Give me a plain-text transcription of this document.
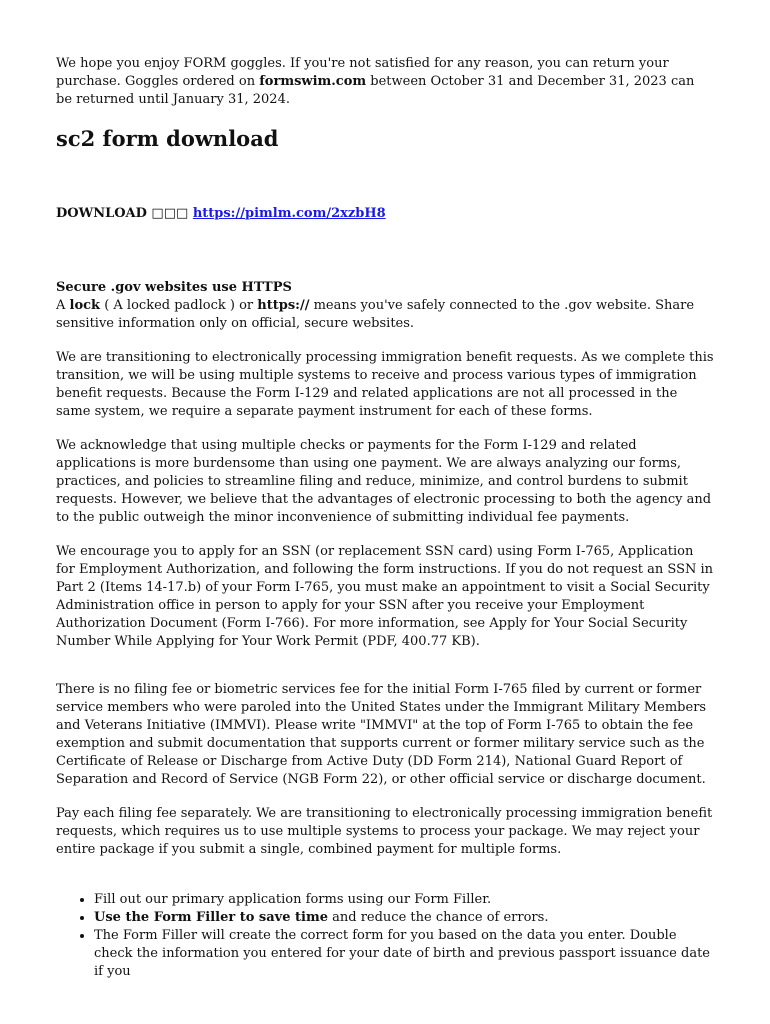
We hope you enjoy FORM goggles. If you're not satisfied for any reason, you can return your purchase. Goggles ordered on formswim.com between October 31 and December 31, 2023 can be returned until January 31, 2024.

sc2 form download

DOWNLOAD □□□ https://pimlm.com/2xzbH8

Secure .gov websites use HTTPS

A lock ( A locked padlock ) or https:// means you've safely connected to the .gov website. Share sensitive information only on official, secure websites.

We are transitioning to electronically processing immigration benefit requests. As we complete this transition, we will be using multiple systems to receive and process various types of immigration benefit requests. Because the Form I-129 and related applications are not all processed in the same system, we require a separate payment instrument for each of these forms.

We acknowledge that using multiple checks or payments for the Form I-129 and related applications is more burdensome than using one payment. We are always analyzing our forms, practices, and policies to streamline filing and reduce, minimize, and control burdens to submit requests. However, we believe that the advantages of electronic processing to both the agency and to the public outweigh the minor inconvenience of submitting individual fee payments.

We encourage you to apply for an SSN (or replacement SSN card) using Form I-765, Application for Employment Authorization, and following the form instructions. If you do not request an SSN in Part 2 (Items 14-17.b) of your Form I-765, you must make an appointment to visit a Social Security Administration office in person to apply for your SSN after you receive your Employment Authorization Document (Form I-766). For more information, see Apply for Your Social Security Number While Applying for Your Work Permit (PDF, 400.77 KB).

There is no filing fee or biometric services fee for the initial Form I-765 filed by current or former service members who were paroled into the United States under the Immigrant Military Members and Veterans Initiative (IMMVI). Please write "IMMVI" at the top of Form I-765 to obtain the fee exemption and submit documentation that supports current or former military service such as the Certificate of Release or Discharge from Active Duty (DD Form 214), National Guard Report of Separation and Record of Service (NGB Form 22), or other official service or discharge document.

Pay each filing fee separately. We are transitioning to electronically processing immigration benefit requests, which requires us to use multiple systems to process your package. We may reject your entire package if you submit a single, combined payment for multiple forms.

• Fill out our primary application forms using our Form Filler.
• Use the Form Filler to save time and reduce the chance of errors.
• The Form Filler will create the correct form for you based on the data you enter. Double check the information you entered for your date of birth and previous passport issuance date if you
